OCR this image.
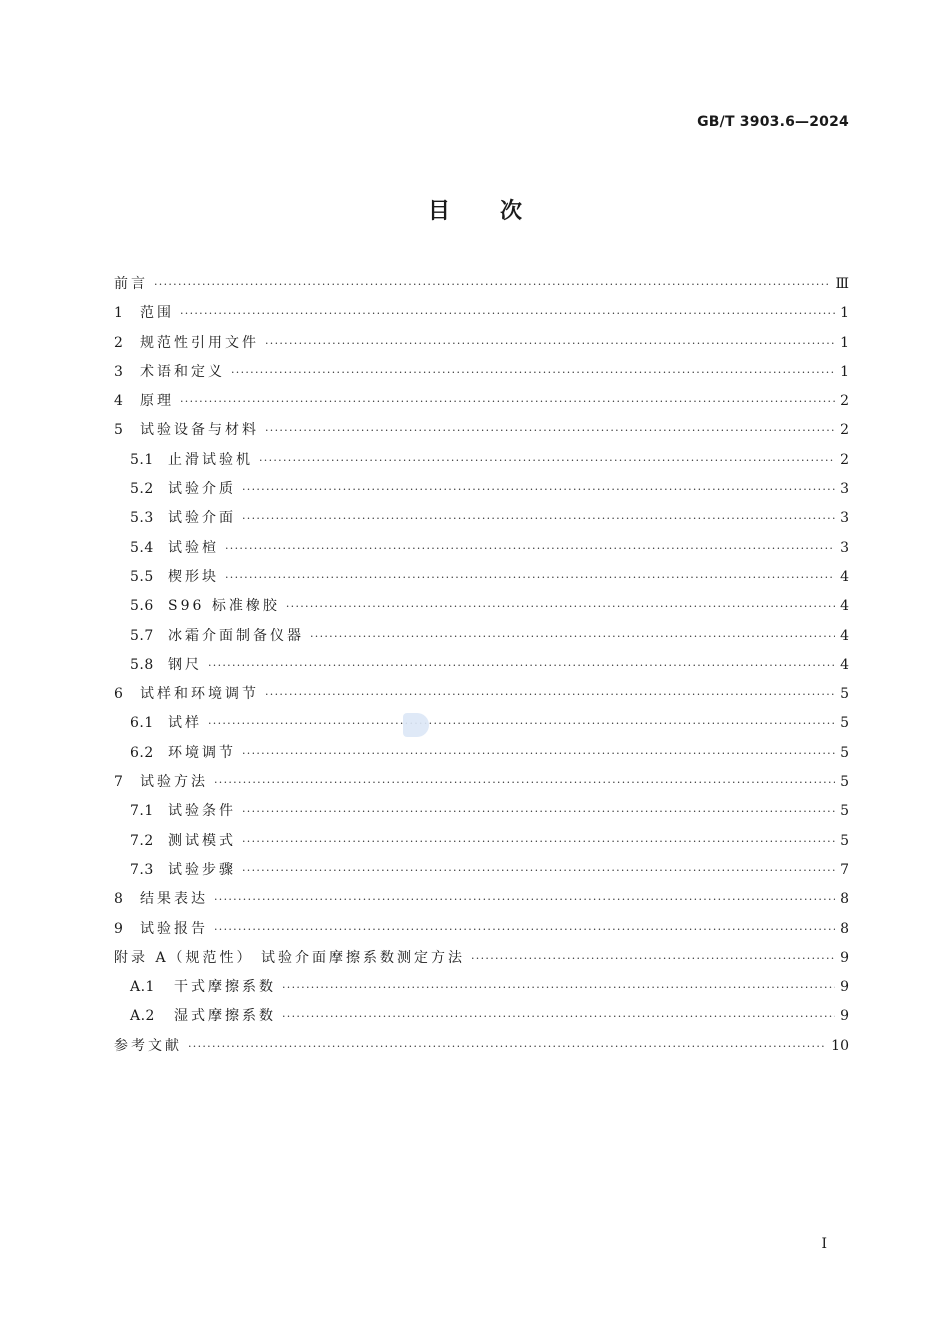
GB/T 3903.6—2024
目次
前言 ·····	Ⅲ
1	范围 ·····	1
2	规范性引用文件 ·····	1
3	术语和定义 ·····	1
4	原理 ·····	2
5	试验设备与材料 ·····	2
5.1	止滑试验机 ·····	2
5.2	试验介质 ·····	3
5.3	试验介面 ·····	3
5.4	试验楦 ·····	3
5.5	楔形块 ·····	4
5.6	S96 标准橡胶 ·····	4
5.7	冰霜介面制备仪器 ·····	4
5.8	钢尺 ·····	4
6	试样和环境调节 ·····	5
6.1	试样 ·····	5
6.2	环境调节 ·····	5
7	试验方法 ·····	5
7.1	试验条件 ·····	5
7.2	测试模式 ·····	5
7.3	试验步骤 ·····	7
8	结果表达 ·····	8
9	试验报告 ·····	8
附录 A（规范性） 试验介面摩擦系数测定方法 ·····	9
A.1	干式摩擦系数 ·····	9
A.2	湿式摩擦系数 ·····	9
参考文献 ·····	10
Ⅰ
